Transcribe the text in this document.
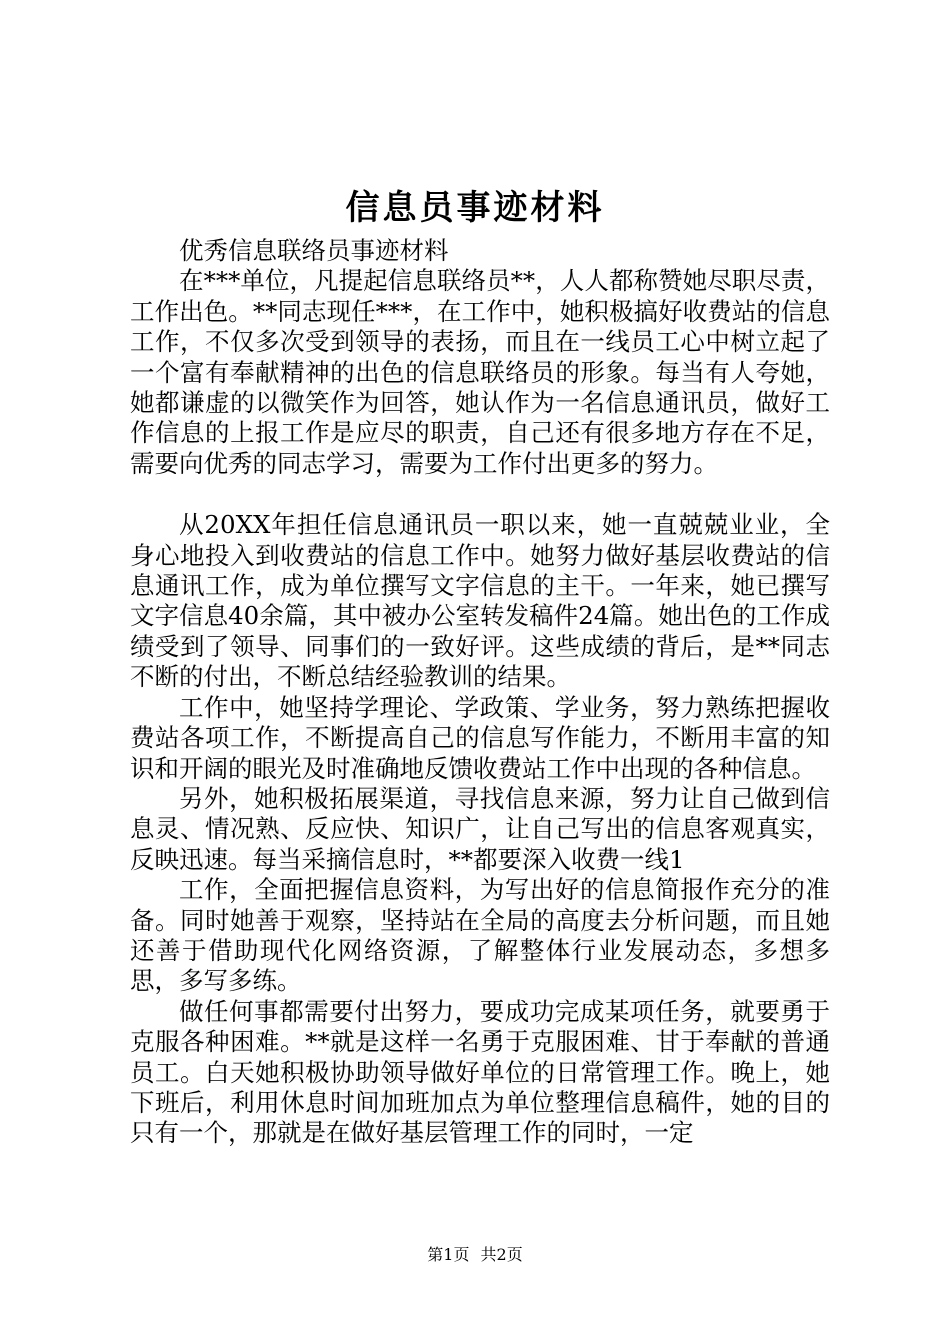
信息员事迹材料

优秀信息联络员事迹材料

在***单位，凡提起信息联络员**，人人都称赞她尽职尽责，工作出色。**同志现任***，在工作中，她积极搞好收费站的信息工作，不仅多次受到领导的表扬，而且在一线员工心中树立起了一个富有奉献精神的出色的信息联络员的形象。每当有人夸她，她都谦虚的以微笑作为回答，她认作为一名信息通讯员，做好工作信息的上报工作是应尽的职责，自己还有很多地方存在不足，需要向优秀的同志学习，需要为工作付出更多的努力。

从20XX年担任信息通讯员一职以来，她一直兢兢业业，全身心地投入到收费站的信息工作中。她努力做好基层收费站的信息通讯工作，成为单位撰写文字信息的主干。一年来，她已撰写文字信息40余篇，其中被办公室转发稿件24篇。她出色的工作成绩受到了领导、同事们的一致好评。这些成绩的背后，是**同志不断的付出，不断总结经验教训的结果。

工作中，她坚持学理论、学政策、学业务，努力熟练把握收费站各项工作，不断提高自己的信息写作能力，不断用丰富的知识和开阔的眼光及时准确地反馈收费站工作中出现的各种信息。

另外，她积极拓展渠道，寻找信息来源，努力让自己做到信息灵、情况熟、反应快、知识广，让自己写出的信息客观真实，反映迅速。每当采摘信息时，**都要深入收费一线1

工作，全面把握信息资料，为写出好的信息简报作充分的准备。同时她善于观察，坚持站在全局的高度去分析问题，而且她还善于借助现代化网络资源，了解整体行业发展动态，多想多思，多写多练。

做任何事都需要付出努力，要成功完成某项任务，就要勇于克服各种困难。**就是这样一名勇于克服困难、甘于奉献的普通员工。白天她积极协助领导做好单位的日常管理工作。晚上，她下班后，利用休息时间加班加点为单位整理信息稿件，她的目的只有一个，那就是在做好基层管理工作的同时，一定

第1页 共2页
